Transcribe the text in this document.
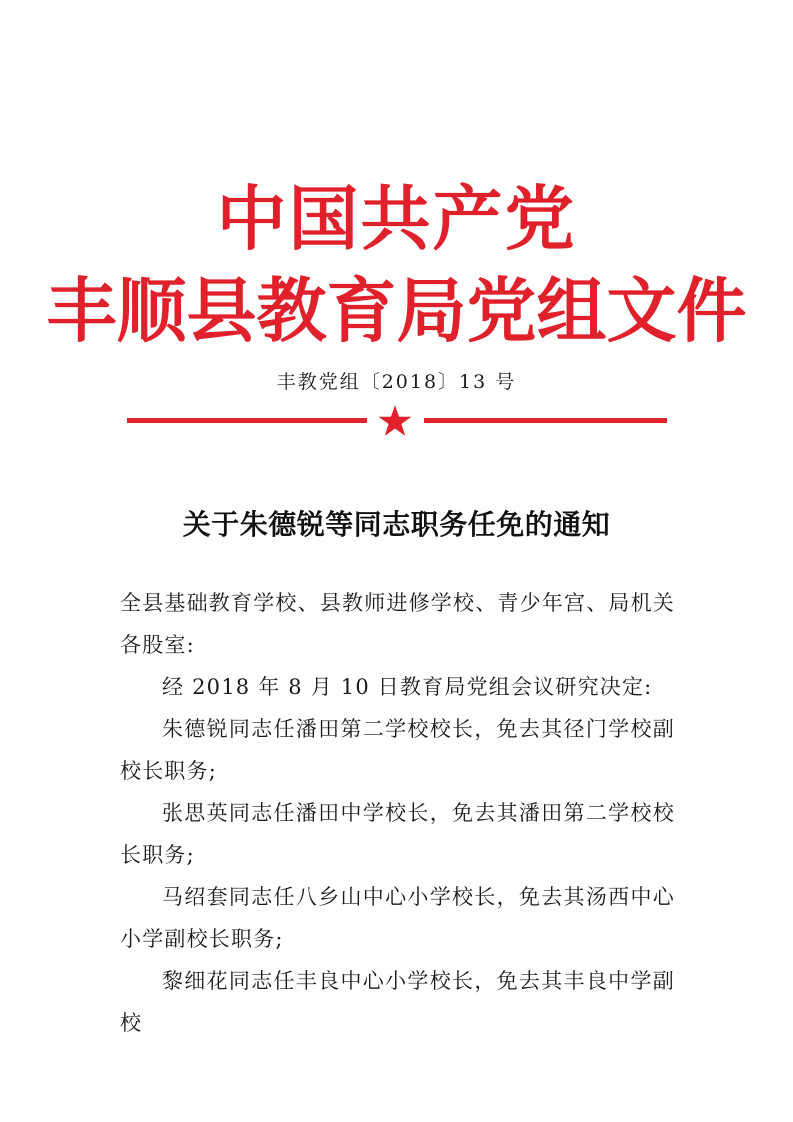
中国共产党
丰顺县教育局党组文件
丰教党组〔2018〕13 号
关于朱德锐等同志职务任免的通知

全县基础教育学校、县教师进修学校、青少年宫、局机关各股室:

经 2018 年 8 月 10 日教育局党组会议研究决定:

朱德锐同志任潘田第二学校校长，免去其径门学校副校长职务;

张思英同志任潘田中学校长，免去其潘田第二学校校长职务;

马绍套同志任八乡山中心小学校长，免去其汤西中心小学副校长职务;

黎细花同志任丰良中心小学校长，免去其丰良中学副校
